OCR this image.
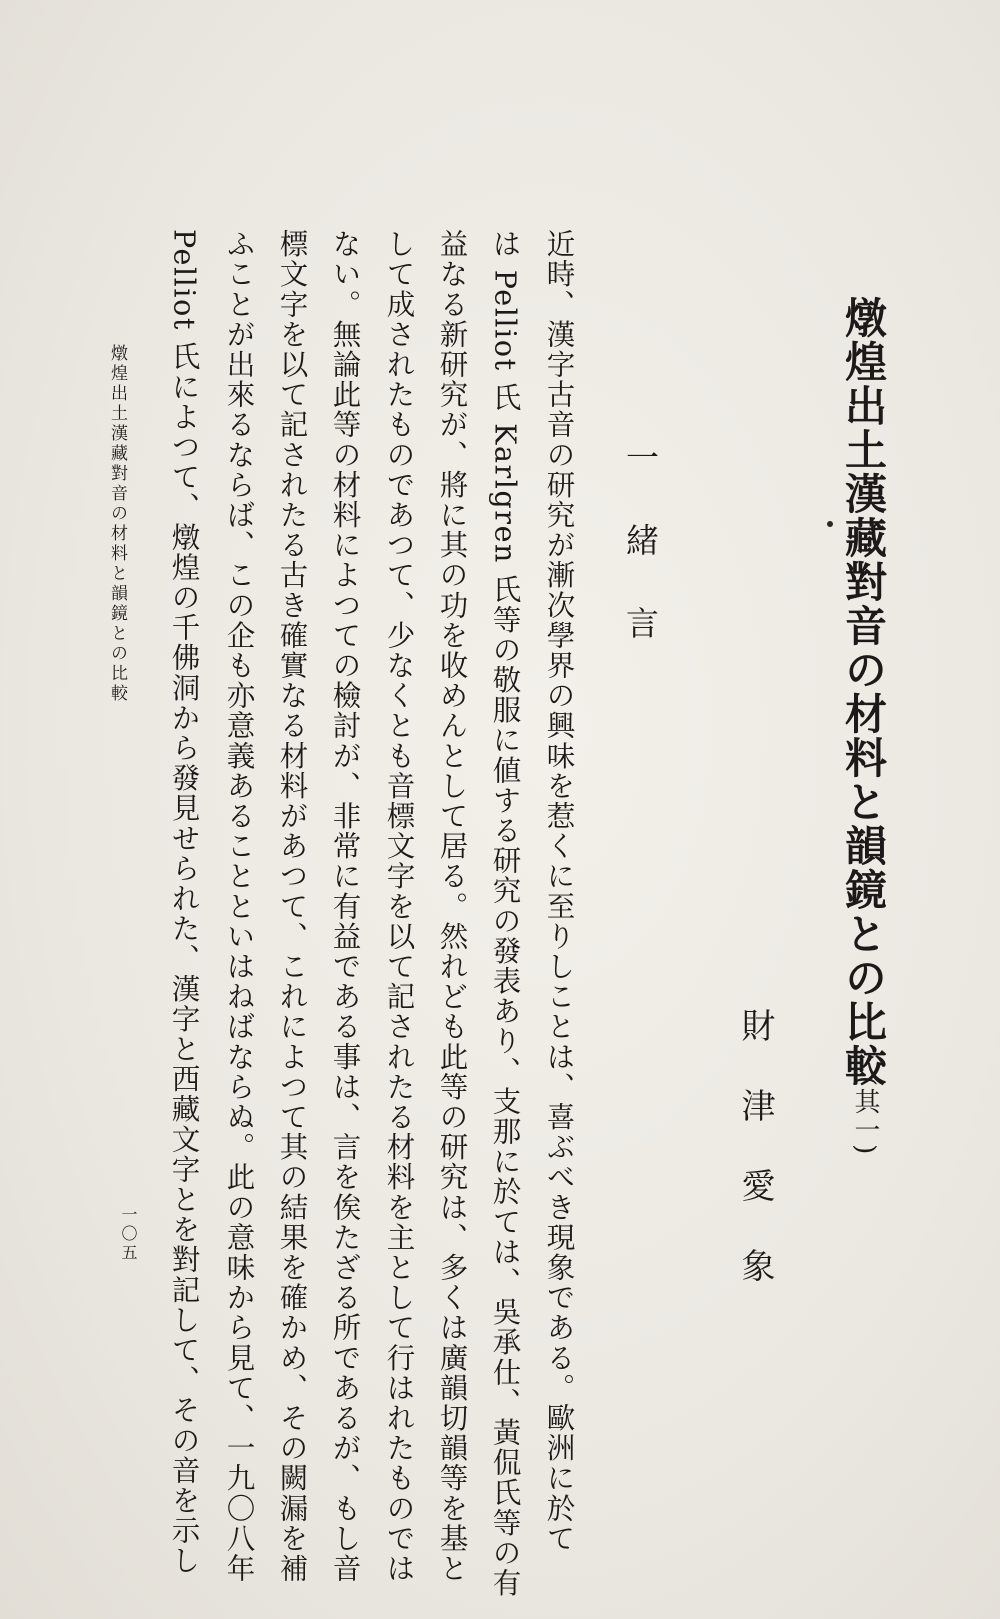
燉煌出土漢藏對音の材料と韻鏡との比較
(其一)
財津愛象
一緒言
近時、漢字古音の研究が漸次學界の興味を惹くに至りしことは、喜ぶべき現象である。歐洲に於て
は Pelliot 氏 Karlgren 氏等の敬服に値する研究の發表あり、支那に於ては、吳承仕、黃侃氏等の有
益なる新研究が、將に其の功を收めんとして居る。然れども此等の研究は、多くは廣韻切韻等を基と
して成されたものであつて、少なくとも音標文字を以て記されたる材料を主として行はれたものでは
ない。無論此等の材料によつての檢討が、非常に有益である事は、言を俟たざる所であるが、もし音
標文字を以て記されたる古き確實なる材料があつて、これによつて其の結果を確かめ、その闕漏を補
ふことが出來るならば、この企も亦意義あることといはねばならぬ。此の意味から見て、一九〇八年
Pelliot 氏によつて、燉煌の千佛洞から發見せられた、漢字と西藏文字とを對記して、その音を示し
燉煌出土漢藏對音の材料と韻鏡との比較
一〇五
